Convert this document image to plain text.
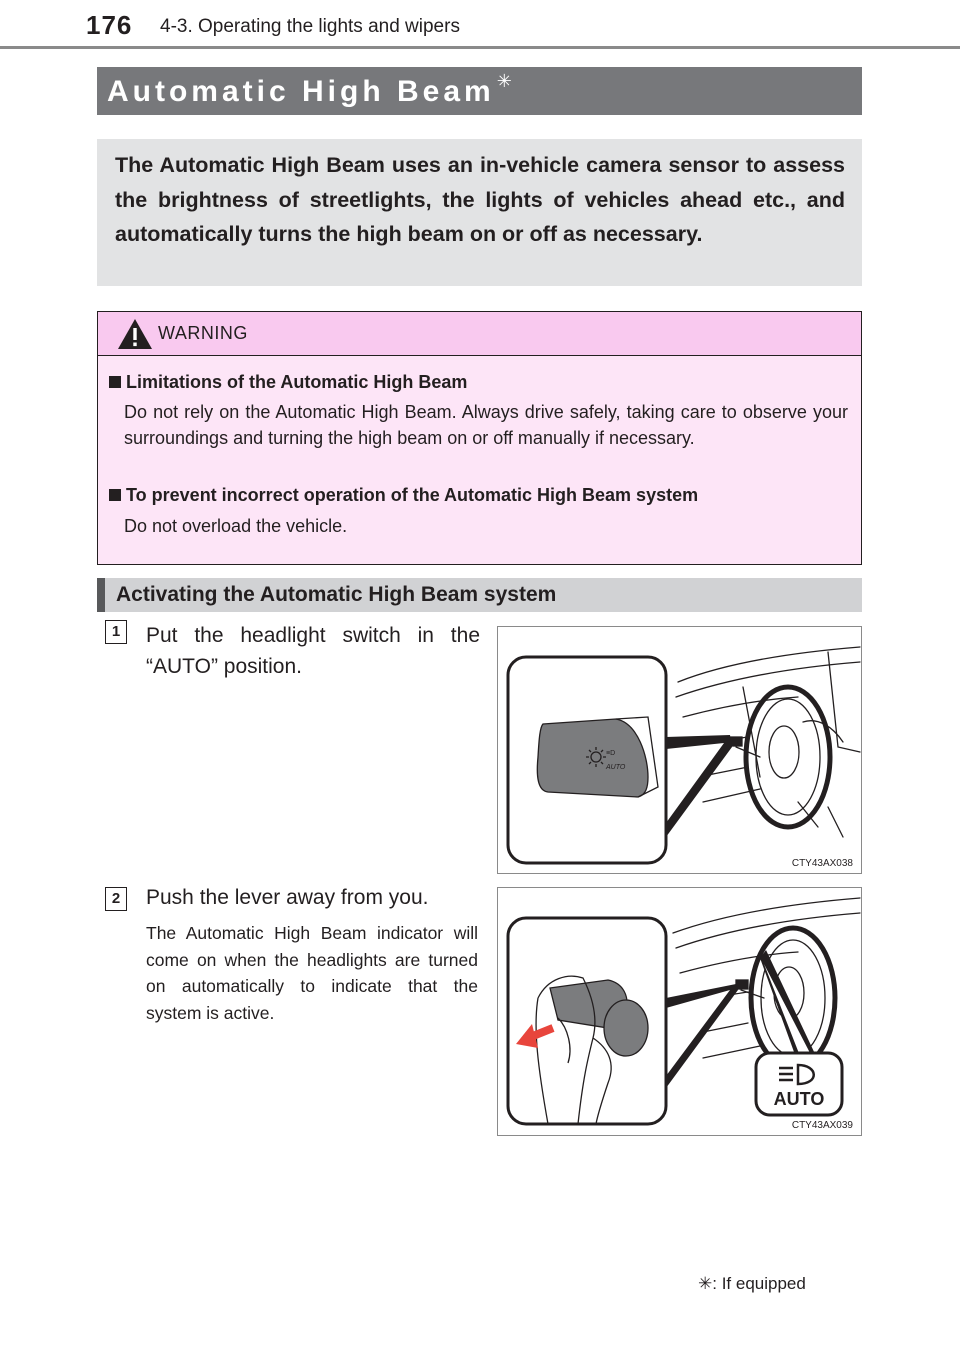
176 4-3. Operating the lights and wipers
Automatic High Beam ✳
The Automatic High Beam uses an in-vehicle camera sensor to assess the brightness of streetlights, the lights of vehicles ahead etc., and automatically turns the high beam on or off as necessary.
WARNING
Limitations of the Automatic High Beam
Do not rely on the Automatic High Beam. Always drive safely, taking care to observe your surroundings and turning the high beam on or off manually if necessary.
To prevent incorrect operation of the Automatic High Beam system
Do not overload the vehicle.
Activating the Automatic High Beam system
1	Put the headlight switch in the “AUTO” position.
≡D
AUTO
CTY43AX038
2	Push the lever away from you.
The Automatic High Beam indicator will come on when the headlights are turned on automatically to indicate that the system is active.
AUTO
CTY43AX039
✳: If equipped
